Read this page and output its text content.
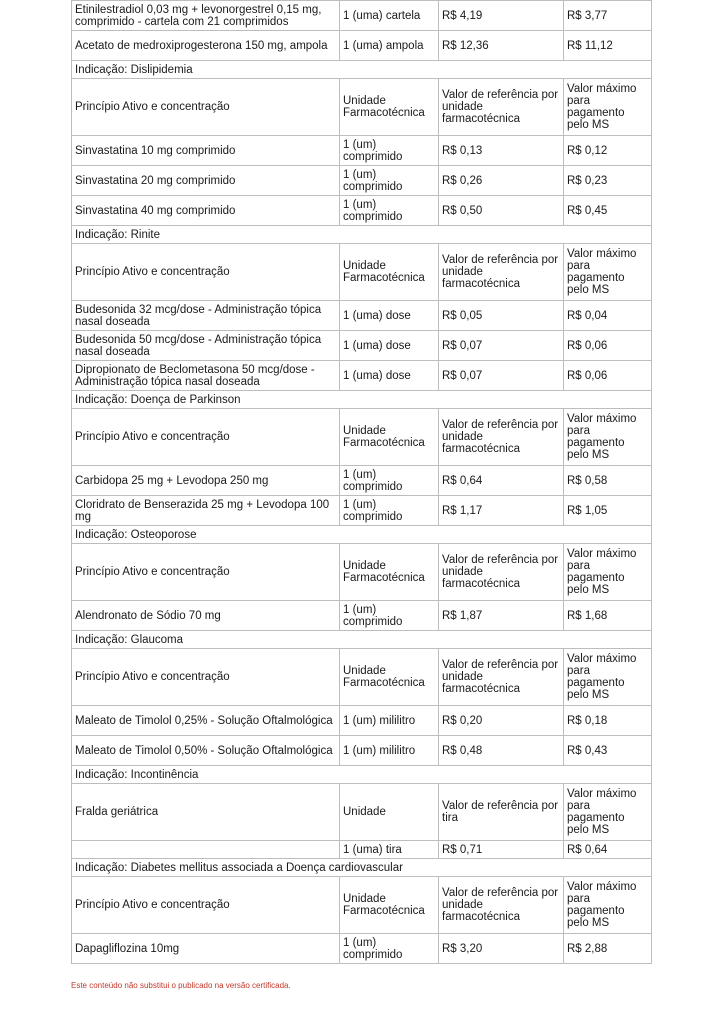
Etinilestradiol 0,03 mg + levonorgestrel 0,15 mg, comprimido - cartela com 21 comprimidos	1 (uma) cartela	R$ 4,19	R$ 3,77
Acetato de medroxiprogesterona 150 mg, ampola	1 (uma) ampola	R$ 12,36	R$ 11,12
Indicação: Dislipidemia			
Princípio Ativo e concentração	Unidade Farmacotécnica	Valor de referência por unidade farmacotécnica	Valor máximo para pagamento pelo MS
Sinvastatina 10 mg comprimido	1 (um) comprimido	R$ 0,13	R$ 0,12
Sinvastatina 20 mg comprimido	1 (um) comprimido	R$ 0,26	R$ 0,23
Sinvastatina 40 mg comprimido	1 (um) comprimido	R$ 0,50	R$ 0,45
Indicação: Rinite			
Princípio Ativo e concentração	Unidade Farmacotécnica	Valor de referência por unidade farmacotécnica	Valor máximo para pagamento pelo MS
Budesonida 32 mcg/dose - Administração tópica nasal doseada	1 (uma) dose	R$ 0,05	R$ 0,04
Budesonida 50 mcg/dose - Administração tópica nasal doseada	1 (uma) dose	R$ 0,07	R$ 0,06
Dipropionato de Beclometasona 50 mcg/dose - Administração tópica nasal doseada	1 (uma) dose	R$ 0,07	R$ 0,06
Indicação: Doença de Parkinson			
Princípio Ativo e concentração	Unidade Farmacotécnica	Valor de referência por unidade farmacotécnica	Valor máximo para pagamento pelo MS
Carbidopa 25 mg + Levodopa 250 mg	1 (um) comprimido	R$ 0,64	R$ 0,58
Cloridrato de Benserazida 25 mg + Levodopa 100 mg	1 (um) comprimido	R$ 1,17	R$ 1,05
Indicação: Osteoporose			
Princípio Ativo e concentração	Unidade Farmacotécnica	Valor de referência por unidade farmacotécnica	Valor máximo para pagamento pelo MS
Alendronato de Sódio 70 mg	1 (um) comprimido	R$ 1,87	R$ 1,68
Indicação: Glaucoma			
Princípio Ativo e concentração	Unidade Farmacotécnica	Valor de referência por unidade farmacotécnica	Valor máximo para pagamento pelo MS
Maleato de Timolol 0,25% - Solução Oftalmológica	1 (um) mililitro	R$ 0,20	R$ 0,18
Maleato de Timolol 0,50% - Solução Oftalmológica	1 (um) mililitro	R$ 0,48	R$ 0,43
Indicação: Incontinência			
Fralda geriátrica	Unidade	Valor de referência por tira	Valor máximo para pagamento pelo MS
	1 (uma) tira	R$ 0,71	R$ 0,64
Indicação: Diabetes mellitus associada a Doença cardiovascular			
Princípio Ativo e concentração	Unidade Farmacotécnica	Valor de referência por unidade farmacotécnica	Valor máximo para pagamento pelo MS
Dapagliflozina 10mg	1 (um) comprimido	R$ 3,20	R$ 2,88
Este conteúdo não substitui o publicado na versão certificada.
